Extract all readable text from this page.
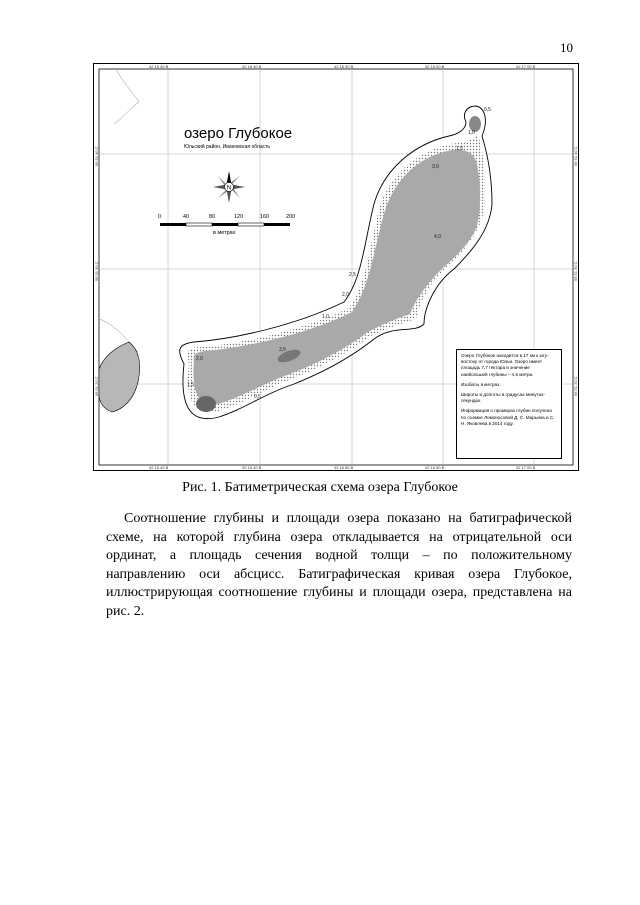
10
42 16 40 В	42 16 40 В	42 16 50 В	42 16 60 В	42 17 00 В
42 16 40 В	42 16 40 В	42 16 50 В	42 16 60 В	42 17 00 В
56 51 40 С
56 51 30 С
56 51 20 С
56 51 40 С
56 51 30 С
56 51 20 С
0,5
1,0
1,5
3,0
4,0
2,5
2,0
1,0
3,5
2,0
0,5
1,5
озеро Глубокое
Юльский район, Ивановская область
N
0	40	80	120	160	200
в метрах

Озеро Глубокое находится в 17 км к югу-востоку от города Юльи. Озеро имеет площадь 7,7 гектара и значение наибольшей глубины – 4,5 метра.

Изобаты в метрах.

Широты и долготы в градусах-минутах-секундах.

Информация о промерах глубин получена по съемке Ломоносовой Д. С. Марьина и С. Н. Яковлева в 2014 году.

Рис. 1. Батиметрическая схема озера Глубокое

Соотношение глубины и площади озера показано на батиграфической схеме, на которой глубина озера откладывается на отрицательной оси ординат, а площадь сечения водной толщи – по положительному направлению оси абсцисс. Батиграфическая кривая озера Глубокое, иллюстрирующая соотношение глубины и площади озера, представлена на рис. 2.
